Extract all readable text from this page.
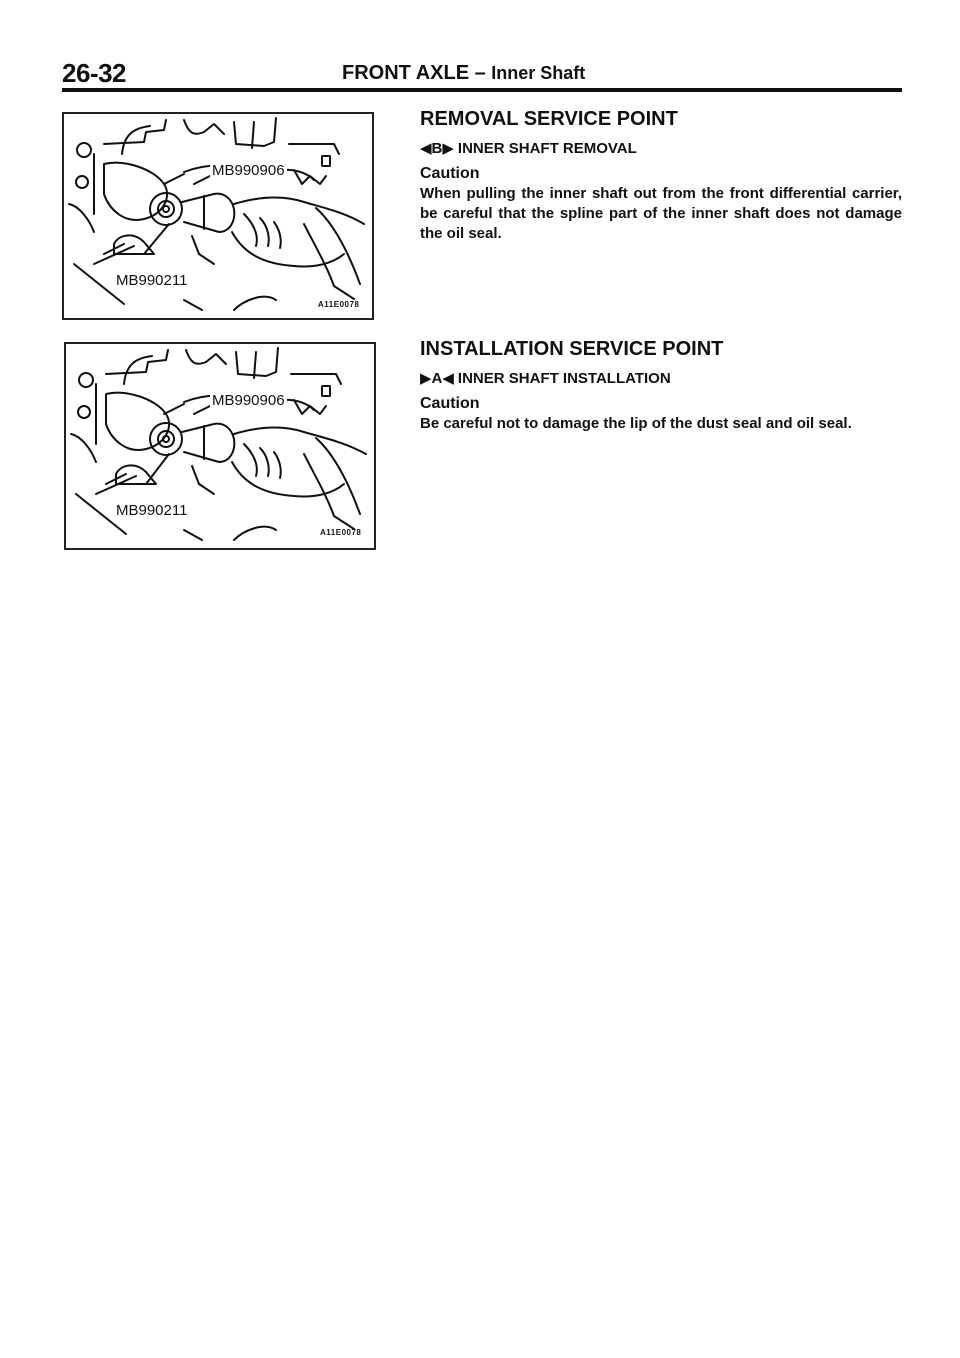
26-32	FRONT AXLE – Inner Shaft
MB990906
MB990211
A11E0078
MB990906
MB990211
A11E0078
REMOVAL SERVICE POINT
◀B▶ INNER SHAFT REMOVAL
Caution

When pulling the inner shaft out from the front differential carrier, be careful that the spline part of the inner shaft does not damage the oil seal.

INSTALLATION SERVICE POINT
▶A◀ INNER SHAFT INSTALLATION
Caution

Be careful not to damage the lip of the dust seal and oil seal.
